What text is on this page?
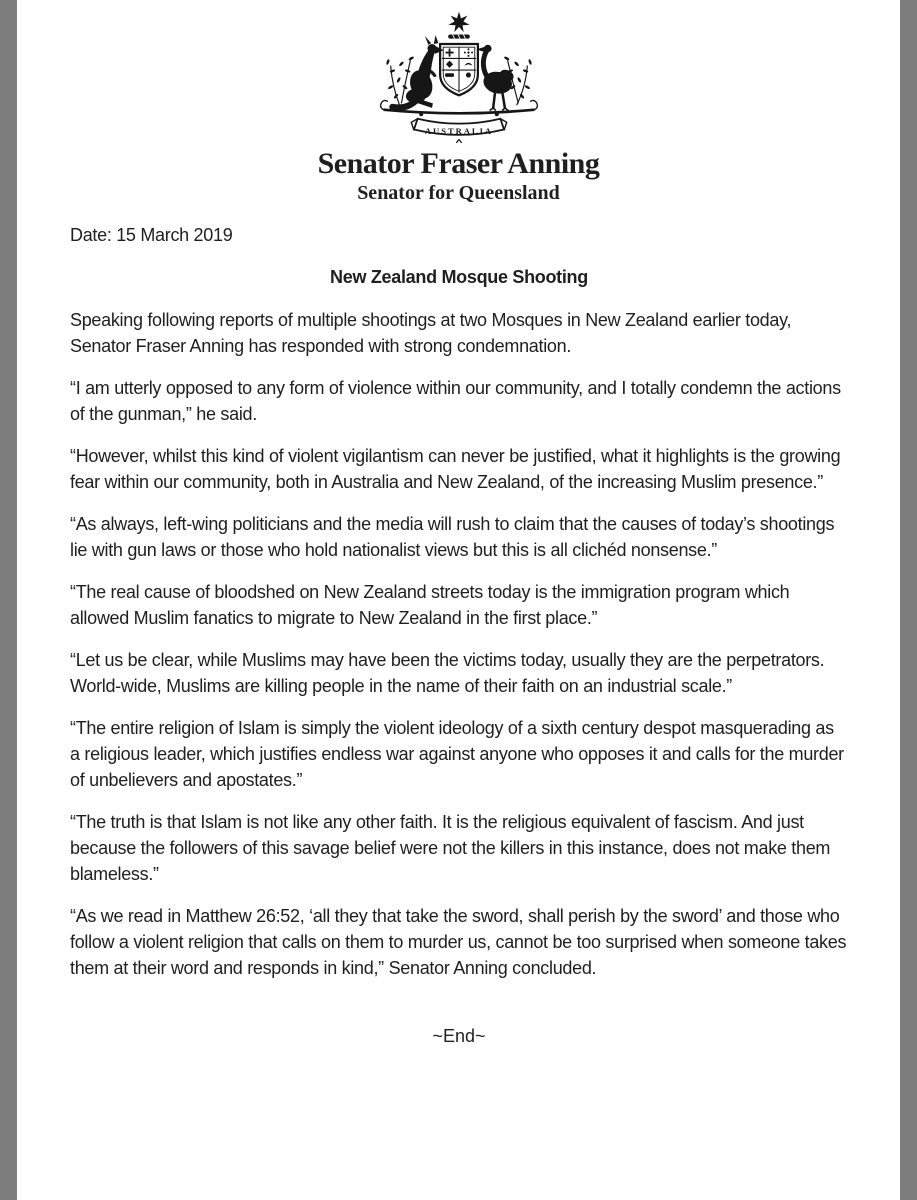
AUSTRALIA
Senator Fraser Anning
Senator for Queensland

Date: 15 March 2019

New Zealand Mosque Shooting

Speaking following reports of multiple shootings at two Mosques in New Zealand earlier today, Senator Fraser Anning has responded with strong condemnation.

“I am utterly opposed to any form of violence within our community, and I totally condemn the actions of the gunman,” he said.

“However, whilst this kind of violent vigilantism can never be justified, what it highlights is the growing fear within our community, both in Australia and New Zealand, of the increasing Muslim presence.”

“As always, left-wing politicians and the media will rush to claim that the causes of today’s shootings lie with gun laws or those who hold nationalist views but this is all clichéd nonsense.”

“The real cause of bloodshed on New Zealand streets today is the immigration program which allowed Muslim fanatics to migrate to New Zealand in the first place.”

“Let us be clear, while Muslims may have been the victims today, usually they are the perpetrators. World-wide, Muslims are killing people in the name of their faith on an industrial scale.”

“The entire religion of Islam is simply the violent ideology of a sixth century despot masquerading as a religious leader, which justifies endless war against anyone who opposes it and calls for the murder of unbelievers and apostates.”

“The truth is that Islam is not like any other faith. It is the religious equivalent of fascism. And just because the followers of this savage belief were not the killers in this instance, does not make them blameless.”

“As we read in Matthew 26:52, ‘all they that take the sword, shall perish by the sword’ and those who follow a violent religion that calls on them to murder us, cannot be too surprised when someone takes them at their word and responds in kind,” Senator Anning concluded.

~End~
